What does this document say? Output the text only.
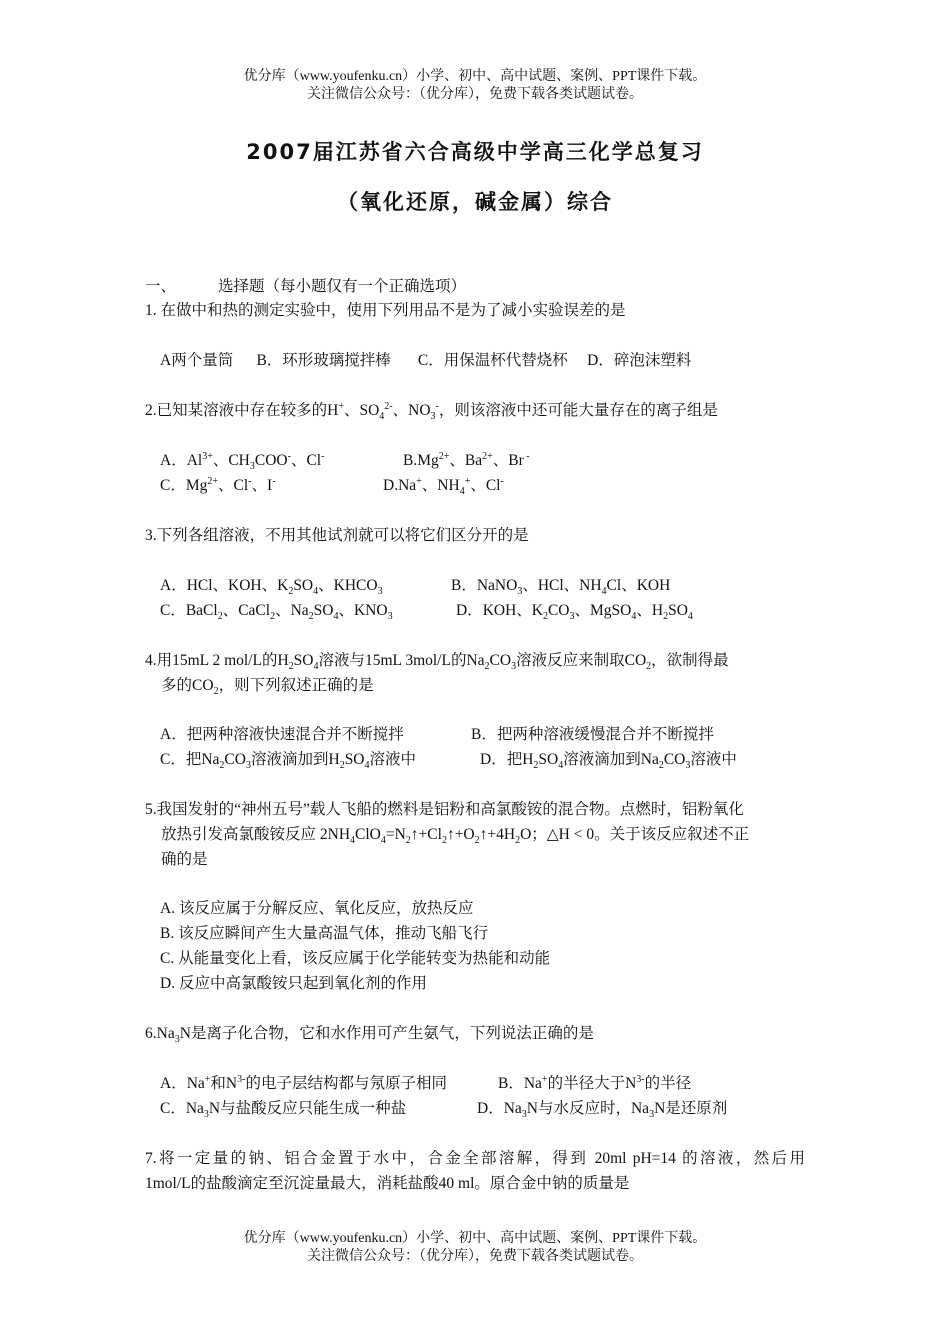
优分库（www.youfenku.cn）小学、初中、高中试题、案例、PPT课件下载。
关注微信公众号：（优分库），免费下载各类试题试卷。
2007届江苏省六合高级中学高三化学总复习
（氧化还原，碱金属）综合
一、	选择题（每小题仅有一个正确选项）
1. 在做中和热的测定实验中，使用下列用品不是为了减小实验误差的是
A两个量筒 B．环形玻璃搅拌棒 C．用保温杯代替烧杯 D．碎泡沫塑料
2.已知某溶液中存在较多的H+、$SO_4^{2-}$、$NO_3^-$，则该溶液中还可能大量存在的离子组是
A．$Al^{3+}$、$CH_3COO^-$、Cl-	$B.Mg^{2+}$、$Ba^{2+}$、Br -
C．$Mg^{2+}$、Cl-、I-	D.Na+、$NH_4^+$、Cl-
3.下列各组溶液，不用其他试剂就可以将它们区分开的是
A．HCl、KOH、$K_2SO_4$、$KHCO_3$	B．NaNO$_3$、HCl、$NH_4Cl$、KOH
C．BaCl$_2$、CaCl$_2$、$Na_2SO_4$、$KNO_3$	D．KOH、$K_2CO_3$、MgSO$_4$、$H_2SO_4$
4.用15mL 2 mol/L的$H_2SO_4$溶液与15mL 3mol/L的$Na_2CO_3$溶液反应来制取$CO_2$，欲制得最
多的$CO_2$，则下列叙述正确的是
A．把两种溶液快速混合并不断搅拌	B．把两种溶液缓慢混合并不断搅拌
C．把$Na_2CO_3$溶液滴加到$H_2SO_4$溶液中	D．把$H_2SO_4$溶液滴加到$Na_2CO_3$溶液中
5.我国发射的“神州五号”载人飞船的燃料是铝粉和高氯酸铵的混合物。点燃时，铝粉氧化
放热引发高氯酸铵反应 $2NH_4ClO_4=N_2↑+Cl_2↑+O_2↑+4H_2O$；△H < 0。关于该反应叙述不正
确的是
A. 该反应属于分解反应、氧化反应，放热反应
B. 该反应瞬间产生大量高温气体，推动飞船飞行
C. 从能量变化上看，该反应属于化学能转变为热能和动能
D. 反应中高氯酸铵只起到氧化剂的作用
$6.Na_3N$是离子化合物，它和水作用可产生氨气，下列说法正确的是
A．Na+和$N^{3-}$的电子层结构都与氖原子相同	B．Na+的半径大于$N^{3-}$的半径
C．$Na_3N$与盐酸反应只能生成一种盐	D．$Na_3N$与水反应时，$Na_3N$是还原剂
7.将一定量的钠、铝合金置于水中，合金全部溶解，得到 20ml pH=14 的溶液，然后用
1mol/L的盐酸滴定至沉淀量最大，消耗盐酸40 ml。原合金中钠的质量是
优分库（www.youfenku.cn）小学、初中、高中试题、案例、PPT课件下载。
关注微信公众号：（优分库），免费下载各类试题试卷。
